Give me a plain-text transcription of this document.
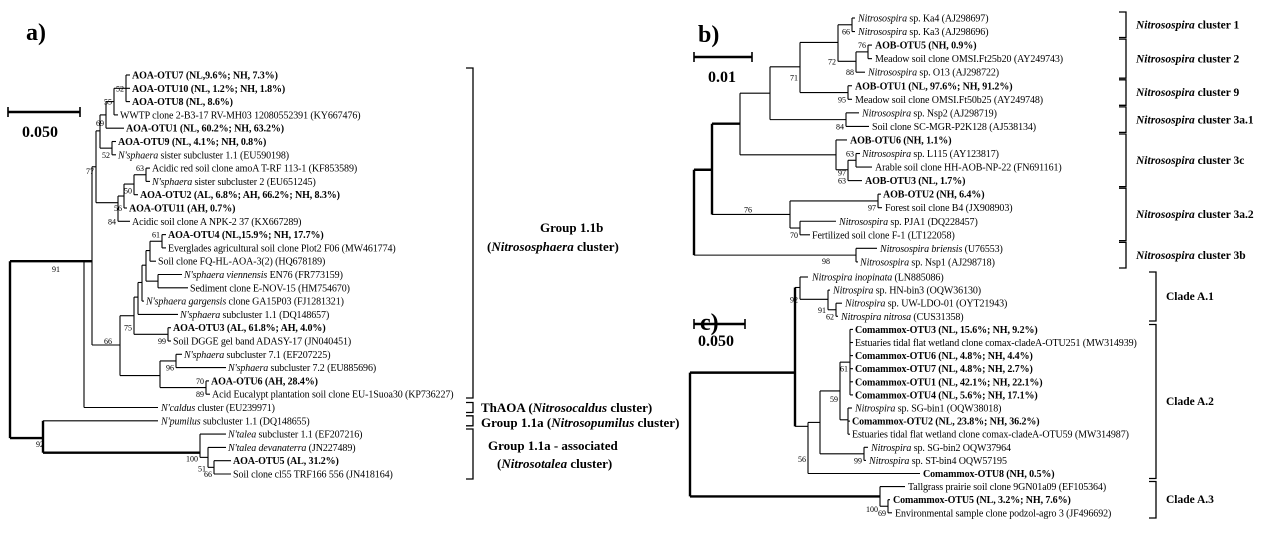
a)
0.050
AOA-OTU7 (NL,9.6%; NH, 7.3%)
AOA-OTU10 (NL, 1.2%; NH, 1.8%)
AOA-OTU8 (NL, 8.6%)
WWTP clone 2-B3-17 RV-MH03 12080552391 (KY667476)
AOA-OTU1 (NL, 60.2%; NH, 63.2%)
AOA-OTU9 (NL, 4.1%; NH, 0.8%)
N'sphaera sister subcluster 1.1 (EU590198)
Acidic red soil clone amoA T-RF 113-1 (KF853589)
N'sphaera sister subcluster 2 (EU651245)
AOA-OTU2 (AL, 6.8%; AH, 66.2%; NH, 8.3%)
AOA-OTU11 (AH, 0.7%)
Acidic soil clone A NPK-2 37 (KX667289)
AOA-OTU4 (NL,15.9%; NH, 17.7%)
Everglades agricultural soil clone Plot2 F06 (MW461774)
Soil clone FQ-HL-AOA-3(2) (HQ678189)
N'sphaera viennensis EN76 (FR773159)
Sediment clone E-NOV-15 (HM754670)
N'sphaera gargensis clone GA15P03 (FJ1281321)
N'sphaera subcluster 1.1 (DQ148657)
AOA-OTU3 (AL, 61.8%; AH, 4.0%)
Soil DGGE gel band ADASY-17 (JN040451)
N'sphaera subcluster 7.1 (EF207225)
N'sphaera subcluster 7.2 (EU885696)
AOA-OTU6 (AH, 28.4%)
Acid Eucalypt plantation soil clone EU-1Suoa30 (KP736227)
N'caldus cluster (EU239971)
N'pumilus subcluster 1.1 (DQ148655)
N'talea subcluster 1.1 (EF207216)
N'talea devanaterra (JN227489)
AOA-OTU5 (AL, 31.2%)
Soil clone cl55 TRF166 556 (JN418164)
52
55
69
52
77	63
50
56
84
61
91
75
66	99
96
70
89
92
100
51
66
Group 1.1b
(Nitrososphaera cluster)
ThAOA (Nitrosocaldus cluster)
Group 1.1a (Nitrosopumilus cluster)
Group 1.1a - associated
(Nitrosotalea cluster)
b)
0.01
Nitrosospira sp. Ka4 (AJ298697)
Nitrosospira sp. Ka3 (AJ298696)
AOB-OTU5 (NH, 0.9%)
Meadow soil clone OMSI.Ft25b20 (AY249743)
Nitrosospira sp. O13 (AJ298722)
AOB-OTU1 (NL, 97.6%; NH, 91.2%)
Meadow soil clone OMSI.Ft50b25 (AY249748)
Nitrosospira sp. Nsp2 (AJ298719)
Soil clone SC-MGR-P2K128 (AJ538134)
AOB-OTU6 (NH, 1.1%)
Nitrosospira sp. L115 (AY123817)
Arable soil clone HH-AOB-NP-22 (FN691161)
AOB-OTU3 (NL, 1.7%)
AOB-OTU2 (NH, 6.4%)
Forest soil clone B4 (JX908903)
Nitrosospira sp. PJA1 (DQ228457)
Fertilized soil clone F-1 (LT122058)
Nitrosospira briensis (U76553)
Nitrosospira sp. Nsp1 (AJ298718)
66
72
76
88
71
95
84
63
97
63
97
76
70
98
Nitrosospira cluster 1
Nitrosospira cluster 2
Nitrosospira cluster 9
Nitrosospira cluster 3a.1
Nitrosospira cluster 3c
Nitrosospira cluster 3a.2
Nitrosospira cluster 3b
c)
0.050
Nitrospira inopinata (LN885086)
Nitrospira sp. HN-bin3 (OQW36130)
Nitrospira sp. UW-LDO-01 (OYT21943)
Nitrospira nitrosa (CUS31358)
Comammox-OTU3 (NL, 15.6%; NH, 9.2%)
Estuaries tidal flat wetland clone comax-cladeA-OTU251 (MW314939)
Comammox-OTU6 (NL, 4.8%; NH, 4.4%)
Comammox-OTU7 (NL, 4.8%; NH, 2.7%)
Comammox-OTU1 (NL, 42.1%; NH, 22.1%)
Comammox-OTU4 (NL, 5.6%; NH, 17.1%)
Nitrospira sp. SG-bin1 (OQW38018)
Comammox-OTU2 (NL, 23.8%; NH, 36.2%)
Estuaries tidal flat wetland clone comax-cladeA-OTU59 (MW314987)
Nitrospira sp. SG-bin2 OQW37964
Nitrospira sp. ST-bin4 OQW57195
Comammox-OTU8 (NH, 0.5%)
Tallgrass prairie soil clone 9GN01a09 (EF105364)
Comammox-OTU5 (NL, 3.2%; NH, 7.6%)
Environmental sample clone podzol-agro 3 (JF496692)
92
91
62
61
59
56	99
100 69
Clade A.1
Clade A.2
Clade A.3
